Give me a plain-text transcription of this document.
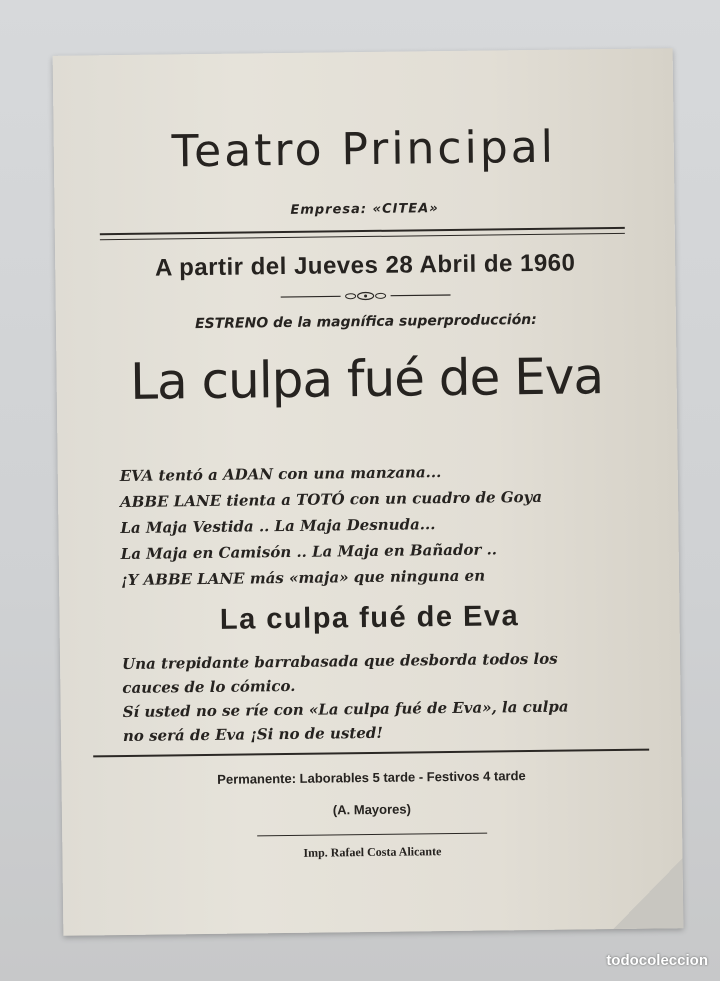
Teatro Principal
Empresa: «CITEA»
A partir del Jueves 28 Abril de 1960
ESTRENO de la magnífica superproducción:
La culpa fué de Eva
EVA tentó a ADAN con una manzana...
ABBE LANE tienta a TOTÓ con un cuadro de Goya
La Maja Vestida .. La Maja Desnuda...
La Maja en Camisón .. La Maja en Bañador ..
¡Y ABBE LANE más «maja» que ninguna en
La culpa fué de Eva
Una trepidante barrabasada que desborda todos los
cauces de lo cómico.
Sí usted no se ríe con «La culpa fué de Eva», la culpa
no será de Eva ¡Si no de usted!
Permanente: Laborables 5 tarde - Festivos 4 tarde
(A. Mayores)
Imp. Rafael Costa Alicante
todocoleccion
